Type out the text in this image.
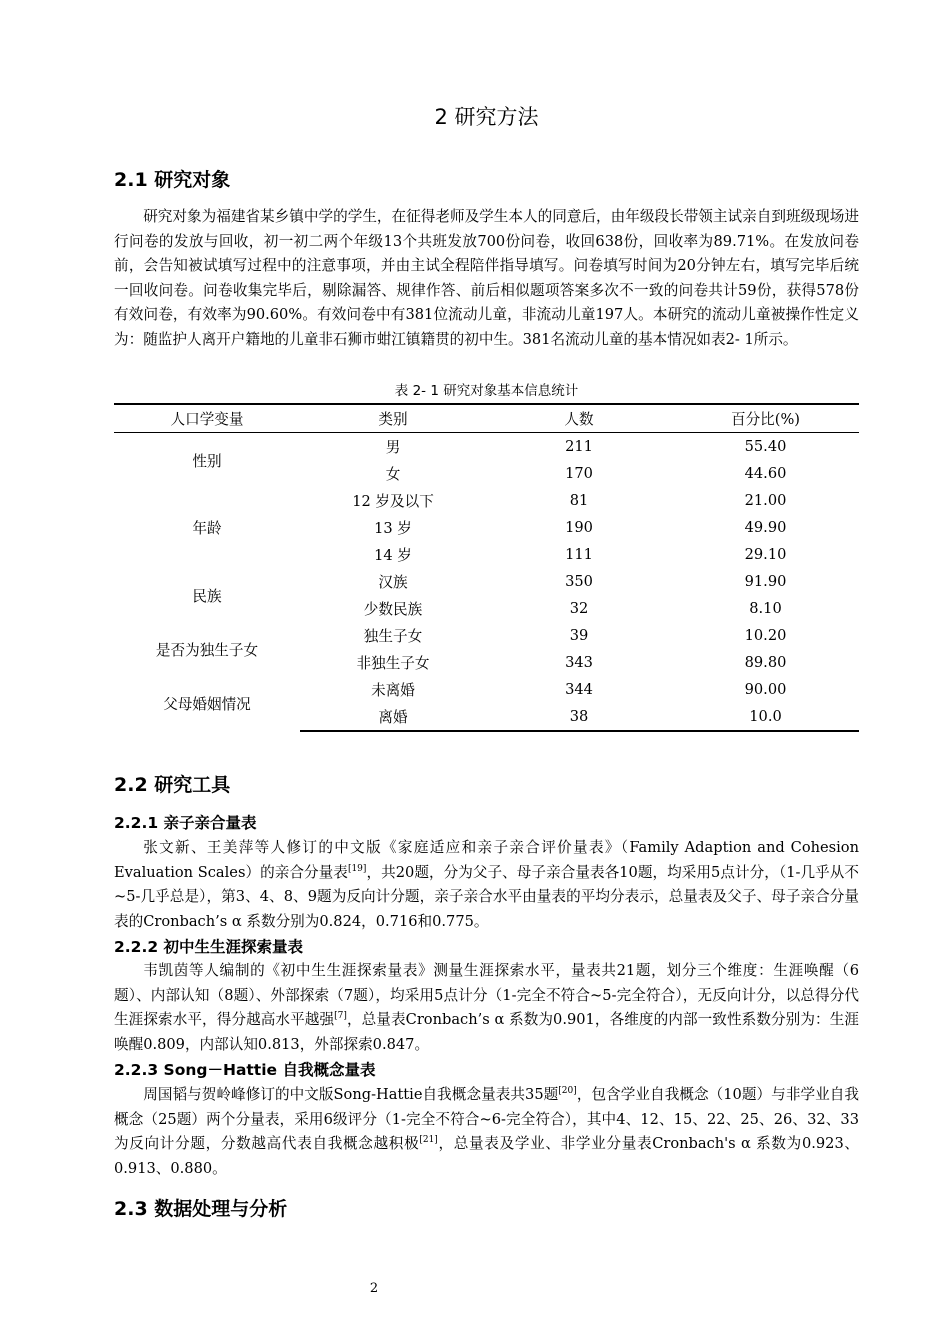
2 研究方法
2.1 研究对象

研究对象为福建省某乡镇中学的学生，在征得老师及学生本人的同意后，由年级段长带领主试亲自到班级现场进行问卷的发放与回收，初一初二两个年级13个共班发放700份问卷，收回638份，回收率为89.71%。在发放问卷前，会告知被试填写过程中的注意事项，并由主试全程陪伴指导填写。问卷填写时间为20分钟左右，填写完毕后统一回收问卷。问卷收集完毕后，剔除漏答、规律作答、前后相似题项答案多次不一致的问卷共计59份，获得578份有效问卷，有效率为90.60%。有效问卷中有381位流动儿童，非流动儿童197人。本研究的流动儿童被操作性定义为：随监护人离开户籍地的儿童非石狮市蚶江镇籍贯的初中生。381名流动儿童的基本情况如表2- 1所示。

表 2- 1 研究对象基本信息统计
人口学变量	类别	人数	百分比(%)
性别	男	211	55.40
	女	170	44.60
年龄	12 岁及以下	81	21.00
	13 岁	190	49.90
	14 岁	111	29.10
民族	汉族	350	91.90
	少数民族	32	8.10
是否为独生子女	独生子女	39	10.20
	非独生子女	343	89.80
父母婚姻情况	未离婚	344	90.00
	离婚	38	10.0
2.2 研究工具
2.2.1 亲子亲合量表

张文新、王美萍等人修订的中文版《家庭适应和亲子亲合评价量表》（Family Adaption and Cohesion Evaluation Scales）的亲合分量表[19]，共20题，分为父子、母子亲合量表各10题，均采用5点计分，（1-几乎从不~5-几乎总是），第3、4、8、9题为反向计分题，亲子亲合水平由量表的平均分表示，总量表及父子、母子亲合分量表的Cronbach’s α 系数分别为0.824，0.716和0.775。

2.2.2 初中生生涯探索量表

韦凯茵等人编制的《初中生生涯探索量表》测量生涯探索水平，量表共21题，划分三个维度：生涯唤醒（6题）、内部认知（8题）、外部探索（7题），均采用5点计分（1-完全不符合~5-完全符合），无反向计分，以总得分代生涯探索水平，得分越高水平越强[7]，总量表Cronbach’s α 系数为0.901，各维度的内部一致性系数分别为：生涯唤醒0.809，内部认知0.813，外部探索0.847。

2.2.3 Song－Hattie 自我概念量表

周国韬与贺岭峰修订的中文版Song-Hattie自我概念量表共35题[20]，包含学业自我概念（10题）与非学业自我概念（25题）两个分量表，采用6级评分（1-完全不符合~6-完全符合），其中4、12、15、22、25、26、32、33为反向计分题，分数越高代表自我概念越积极[21]，总量表及学业、非学业分量表Cronbach's α 系数为0.923、0.913、0.880。

2.3 数据处理与分析
2
